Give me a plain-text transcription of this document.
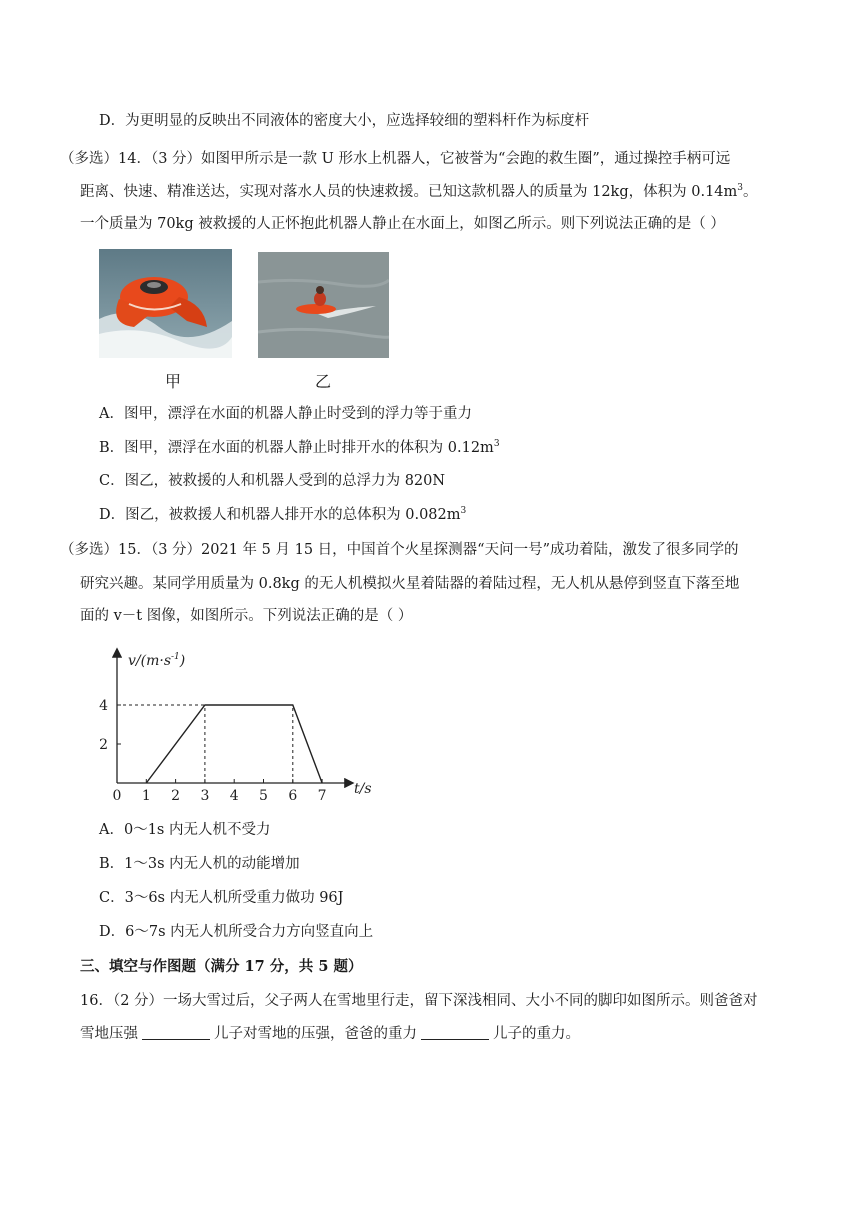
D．为更明显的反映出不同液体的密度大小，应选择较细的塑料杆作为标度杆
（多选）14．（3 分）如图甲所示是一款 U 形水上机器人，它被誉为“会跑的救生圈”，通过操控手柄可远
距离、快速、精准送达，实现对落水人员的快速救援。已知这款机器人的质量为 12kg，体积为 $0.14m^3$。
一个质量为 70kg 被救援的人正怀抱此机器人静止在水面上，如图乙所示。则下列说法正确的是（ ）
甲	乙
A．图甲，漂浮在水面的机器人静止时受到的浮力等于重力
B．图甲，漂浮在水面的机器人静止时排开水的体积为 $0.12m^3$
C．图乙，被救援的人和机器人受到的总浮力为 820N
D．图乙，被救援人和机器人排开水的总体积为 $0.082m^3$
（多选）15．（3 分）2021 年 5 月 15 日，中国首个火星探测器“天问一号”成功着陆，激发了很多同学的
研究兴趣。某同学用质量为 0.8kg 的无人机模拟火星着陆器的着陆过程，无人机从悬停到竖直下落至地
面的 v－t 图像，如图所示。下列说法正确的是（ ）
$v/(m\cdot s^{-1})$
t/s
0 1 2 3 4 5 6 7
2
4
A．0～1s 内无人机不受力
B．1～3s 内无人机的动能增加
C．3～6s 内无人机所受重力做功 96J
D．6～7s 内无人机所受合力方向竖直向上
三、填空与作图题（满分 17 分，共 5 题）
16．（2 分）一场大雪过后，父子两人在雪地里行走，留下深浅相同、大小不同的脚印如图所示。则爸爸对
雪地压强	儿子对雪地的压强，爸爸的重力	儿子的重力。
